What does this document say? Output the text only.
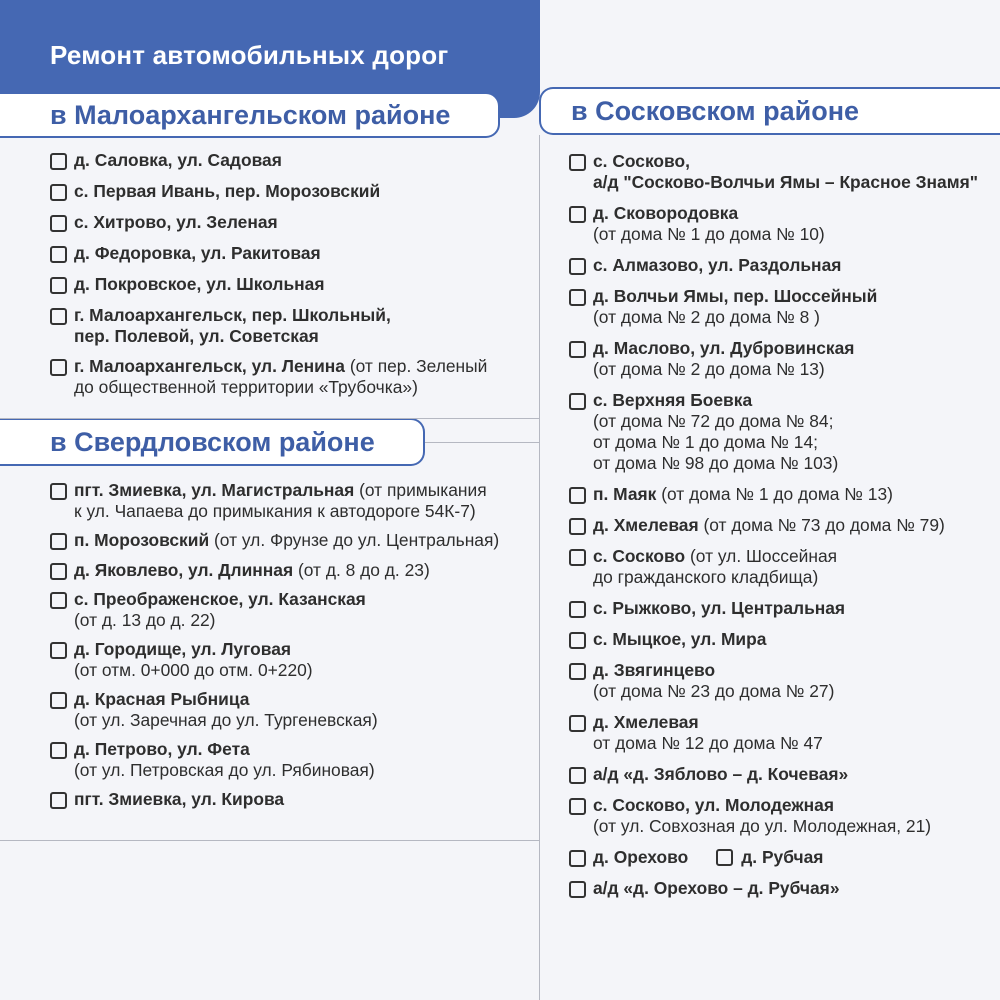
Ремонт автомобильных дорог
в Малоархангельском районе
в Свердловском районе
в Сосковском районе
д. Саловка, ул. Садовая
с. Первая Ивань, пер. Морозовский
с. Хитрово, ул. Зеленая
д. Федоровка, ул. Ракитовая
д. Покровское, ул. Школьная
г. Малоархангельск, пер. Школьный,
пер. Полевой, ул. Советская
г. Малоархангельск, ул. Ленина (от пер. Зеленый
до общественной территории «Трубочка»)
пгт. Змиевка, ул. Магистральная (от примыкания
к ул. Чапаева до примыкания к автодороге 54К-7)
п. Морозовский (от ул. Фрунзе до ул. Центральная)
д. Яковлево, ул. Длинная (от д. 8 до д. 23)
с. Преображенское, ул. Казанская
(от д. 13 до д. 22)
д. Городище, ул. Луговая
(от отм. 0+000 до отм. 0+220)
д. Красная Рыбница
(от ул. Заречная до ул. Тургеневская)
д. Петрово, ул. Фета
(от ул. Петровская до ул. Рябиновая)
пгт. Змиевка, ул. Кирова
с. Сосково,
а/д "Сосково-Волчьи Ямы – Красное Знамя"
д. Сковородовка
(от дома № 1 до дома № 10)
с. Алмазово, ул. Раздольная
д. Волчьи Ямы, пер. Шоссейный
(от дома № 2 до дома № 8 )
д. Маслово, ул. Дубровинская
(от дома № 2 до дома № 13)
с. Верхняя Боевка
(от дома № 72 до дома № 84;
от дома № 1 до дома № 14;
от дома № 98 до дома № 103)
п. Маяк (от дома № 1 до дома № 13)
д. Хмелевая (от дома № 73 до дома № 79)
с. Сосково (от ул. Шоссейная
до гражданского кладбища)
с. Рыжково, ул. Центральная
с. Мыцкое, ул. Мира
д. Звягинцево
(от дома № 23 до дома № 27)
д. Хмелевая
от дома № 12 до дома № 47
а/д «д. Зяблово – д. Кочевая»
с. Сосково, ул. Молодежная
(от ул. Совхозная до ул. Молодежная, 21)
д. Орехово	д. Рубчая
а/д «д. Орехово – д. Рубчая»
